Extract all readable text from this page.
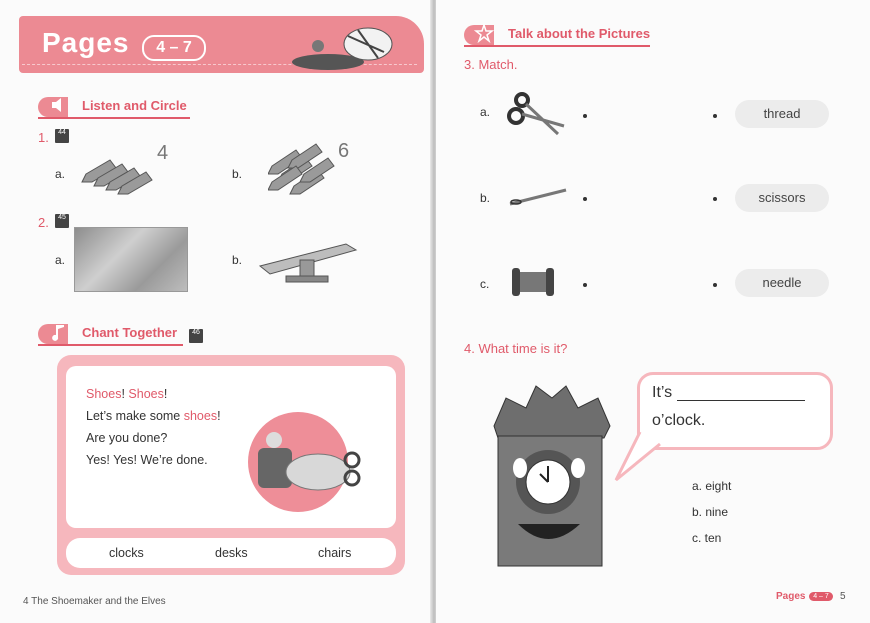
Pages	4 – 7
Listen and Circle
1.	44
a.
4
b.
6
2.	45
a.	b.
Chant Together	46
Shoes! Shoes!
Let’s make some shoes!
Are you done?
Yes! Yes! We’re done.
clocks	desks	chairs
4 The Shoemaker and the Elves
Talk about the Pictures
3. Match.
a.
b.
c.
thread
scissors
needle
4. What time is it?
It’s
o’clock.
a. eight
b. nine
c. ten
Pages	4 – 7	5
